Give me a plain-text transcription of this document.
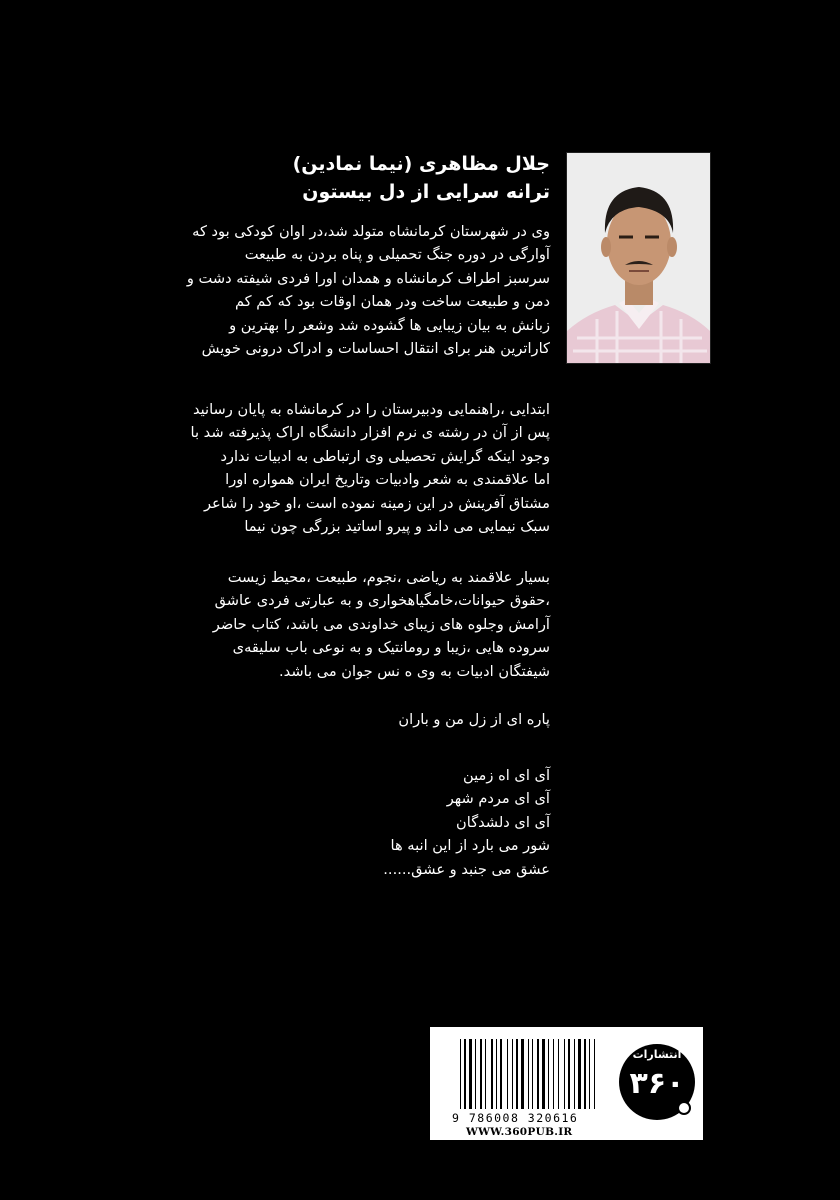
جلال مظاهری (نیما نمادین)
ترانه سرایی از دل بیستون
وی در شهرستان کرمانشاه متولد شد،در اوان کودکی بود که
آوارگی در دوره جنگ تحمیلی و پناه بردن به طبیعت
سرسبز اطراف کرمانشاه و همدان اورا فردی شیفته دشت و
دمن و طبیعت ساخت ودر همان اوقات بود که کم کم
زبانش به بیان زیبایی ها گشوده شد وشعر را بهترین و
کاراترین هنر برای انتقال احساسات و ادراک درونی خویش
ابتدایی ،راهنمایی ودبیرستان را در کرمانشاه به پایان رسانید
پس از آن در رشته ی نرم افزار دانشگاه اراک پذیرفته شد با
وجود اینکه گرایش تحصیلی وی ارتباطی به ادبیات ندارد
اما علاقمندی به شعر وادبیات وتاریخ ایران همواره اورا
مشتاق آفرینش در این زمینه نموده است ،او خود را شاعر
سبک نیمایی می داند و پیرو اساتید بزرگی چون نیما
بسیار علاقمند به ریاضی ،نجوم، طبیعت ،محیط زیست
،حقوق حیوانات،خامگیاهخواری و به عبارتی فردی عاشق
آرامش وجلوه های زیبای خداوندی می باشد، کتاب حاضر
سروده هایی ،زیبا و رومانتیک و به نوعی باب سلیقه‌ی
شیفتگان ادبیات به وی ه نس جوان می باشد.
پاره ای از زل من و باران
آی ای اه زمین
آی ای مردم شهر
آی ای دلشدگان
شور می بارد از این انبه ها
عشق می جنبد و عشق......
9 786008 320616
WWW.360PUB.IR
انتشارات
۳۶۰
